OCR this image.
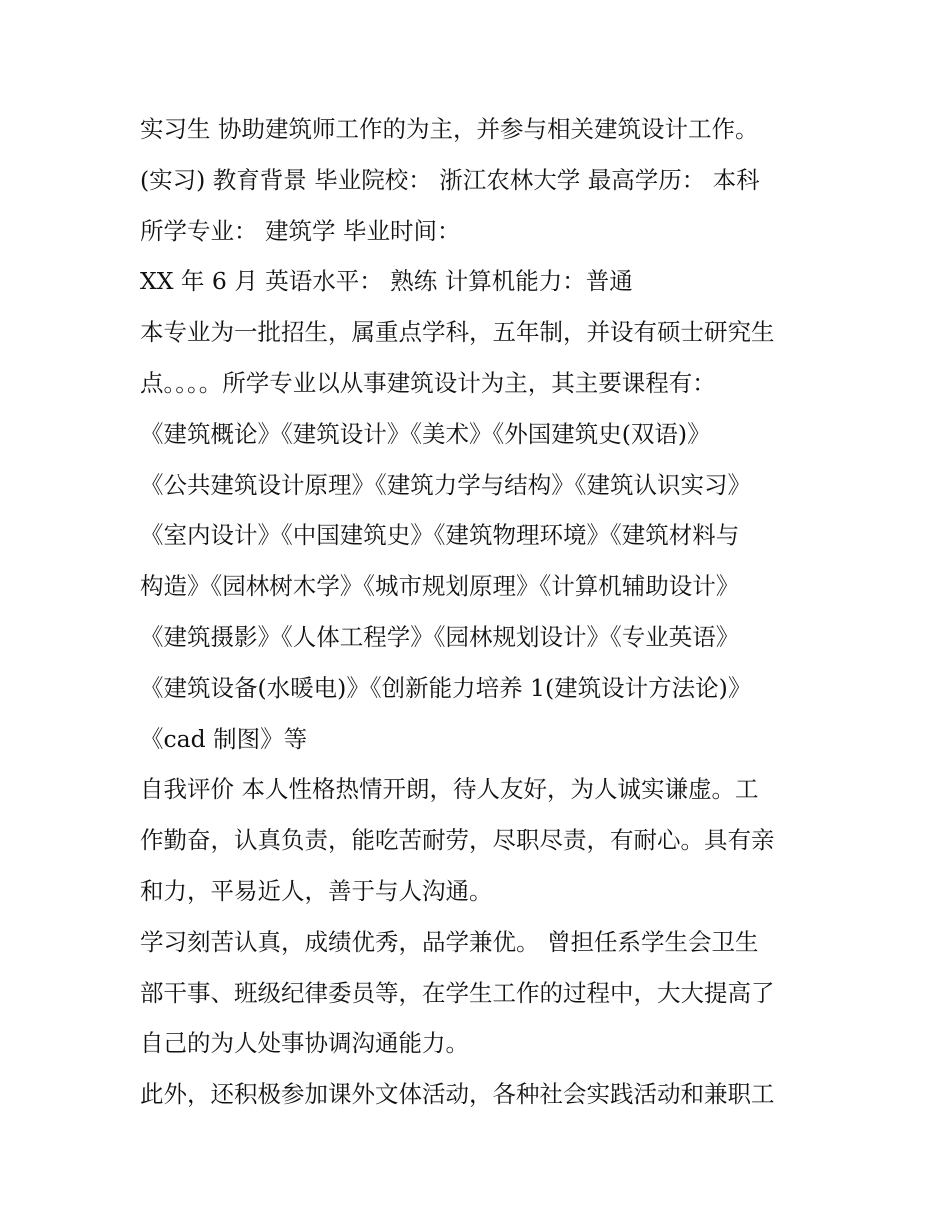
实习生 协助建筑师工作的为主，并参与相关建筑设计工作。
(实习) 教育背景 毕业院校： 浙江农林大学 最高学历： 本科
所学专业： 建筑学 毕业时间：
XX 年 6 月 英语水平： 熟练 计算机能力：普通
本专业为一批招生，属重点学科，五年制，并设有硕士研究生
点。。。。所学专业以从事建筑设计为主，其主要课程有：
《建筑概论》《建筑设计》《美术》《外国建筑史(双语)》
《公共建筑设计原理》《建筑力学与结构》《建筑认识实习》
《室内设计》《中国建筑史》《建筑物理环境》《建筑材料与
构造》《园林树木学》《城市规划原理》《计算机辅助设计》
《建筑摄影》《人体工程学》《园林规划设计》《专业英语》
《建筑设备(水暖电)》《创新能力培养 1(建筑设计方法论)》
《cad 制图》等
自我评价 本人性格热情开朗，待人友好，为人诚实谦虚。工
作勤奋，认真负责，能吃苦耐劳，尽职尽责，有耐心。具有亲
和力，平易近人，善于与人沟通。
学习刻苦认真，成绩优秀，品学兼优。 曾担任系学生会卫生
部干事、班级纪律委员等，在学生工作的过程中，大大提高了
自己的为人处事协调沟通能力。
此外，还积极参加课外文体活动，各种社会实践活动和兼职工
